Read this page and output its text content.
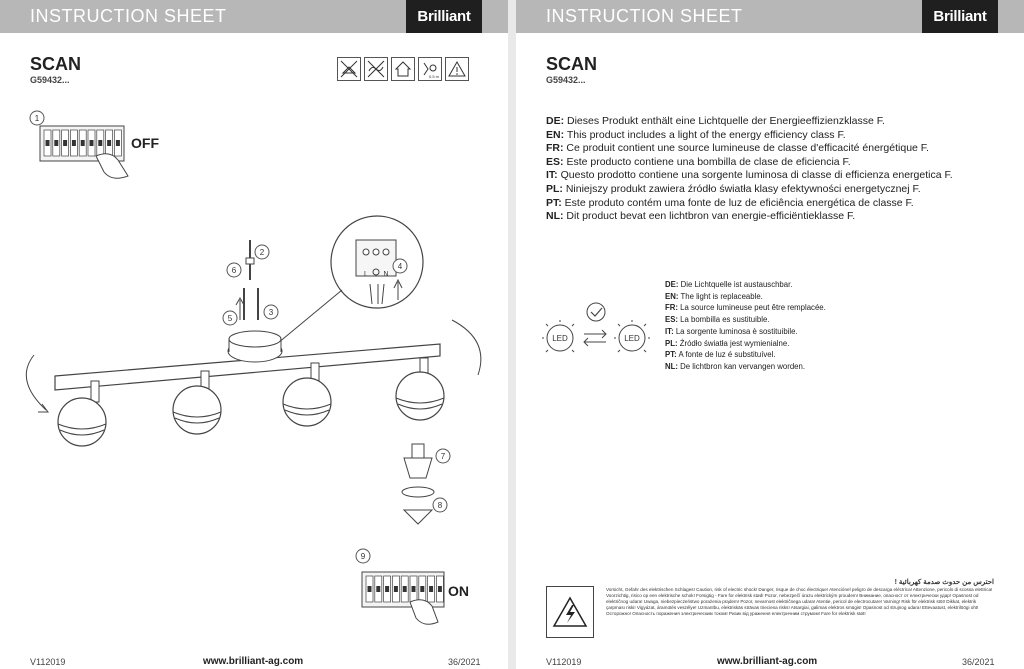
INSTRUCTION SHEET	Brilliant
SCAN
G59432...	0.5 m
1
OFF
2
6
3
5
L N
4
7
8
9
ON
V112019	www.brilliant-ag.com	36/2021
INSTRUCTION SHEET	Brilliant
SCAN
G59432...
DE: Dieses Produkt enthält eine Lichtquelle der Energieeffizienzklasse F.
EN: This product includes a light of the energy efficiency class F.
FR: Ce produit contient une source lumineuse de classe d'efficacité énergétique F.
ES: Este producto contiene una bombilla de clase de eficiencia F.
IT: Questo prodotto contiene una sorgente luminosa di classe di efficienza energetica F.
PL: Niniejszy produkt zawiera źródło światła klasy efektywności energetycznej F.
PT: Este produto contém uma fonte de luz de eficiência energética de classe F.
NL: Dit product bevat een lichtbron van energie-efficiëntieklasse F.
LED	LED
DE: Die Lichtquelle ist austauschbar.
EN: The light is replaceable.
FR: La source lumineuse peut être remplacée.
ES: La bombilla es sustituible.
IT: La sorgente luminosa è sostituibile.
PL: Źródło światła jest wymienialne.
PT: A fonte de luz é substituível.
NL: De lichtbron kan vervangen worden.
احترس من حدوث صدمة كهربائية !
Vorsicht, Gefahr des elektrischen Schlages! Caution, risk of electric shock! Danger, risque de choc électrique! Atenciónel peligro de descarga eléctrica! Attenzione, pericolo di scossa elettrica! Voorzichtig, risico op een elektrische schok! Forsigtig - Fare for elektrisk stød! Pozor, nebezpečí úrazu elektrickým proudem! Внимание, опасност от електрически удар! Opasnost od električnog udara! Uwaga, niebezpieczeństwo porażenia prądem! Pozor, nevarnost električnega udara! Atentie, pericol de electrocutare! Varning! Risk för elektrisk stöt! Dikkat, elektrik çarpması riski! Vigyázat, áramütés veszélye! Uzmanību, elektriskās strāvas trieciena risks! Atsargiai, galimas elektros smūgis! Opasnost od strujnog udara! Ettevaatust, elektrilöögi oht! Осторожно! Опасность поражения электрическим током! Ризик від ураження електричним струмом! Fare for elektrisk støt!
V112019	www.brilliant-ag.com	36/2021
